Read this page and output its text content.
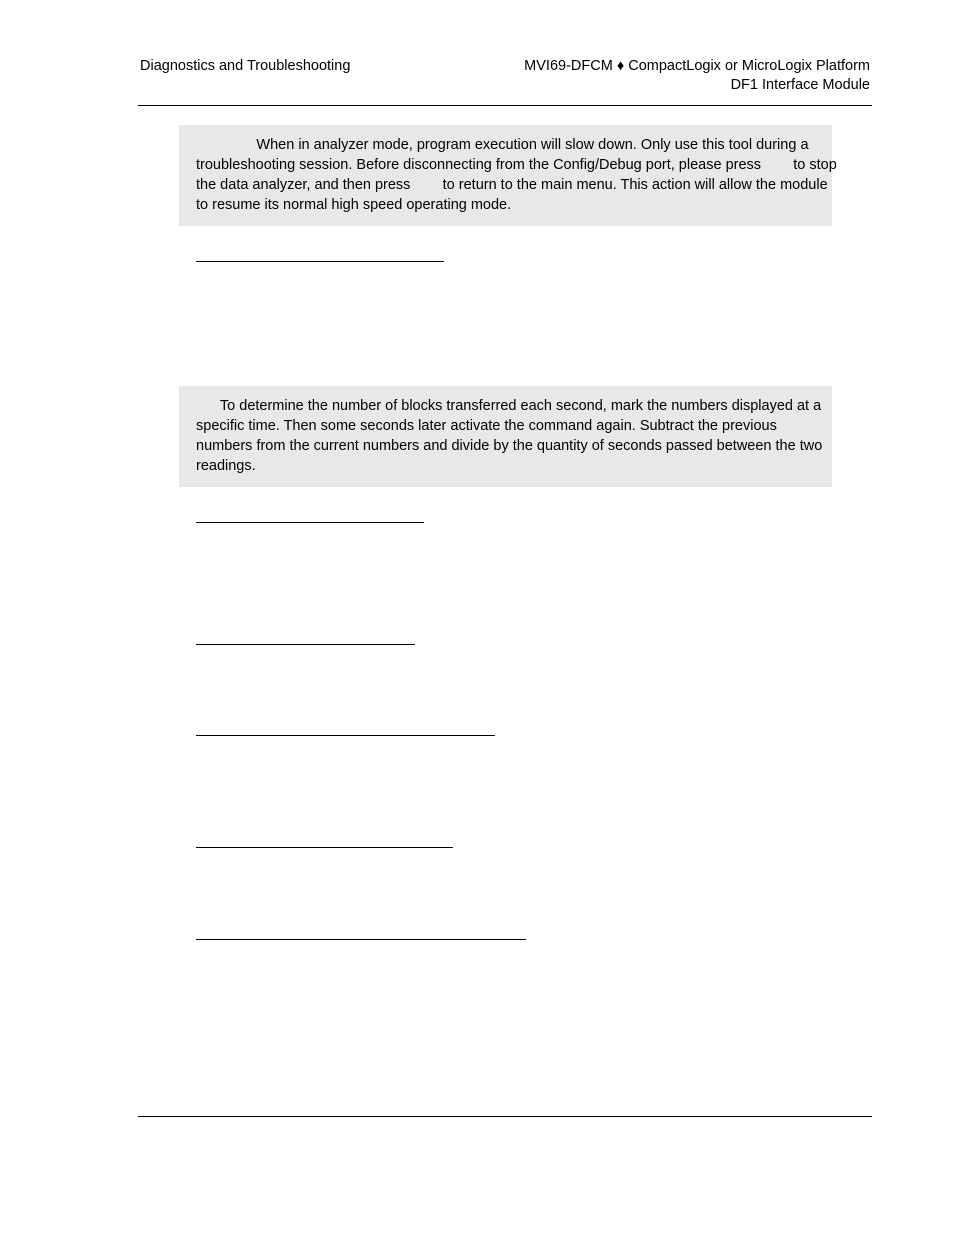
Diagnostics and Troubleshooting	MVI69-DFCM ♦ CompactLogix or MicroLogix Platform
DF1 Interface Module
When in analyzer mode, program execution will slow down. Only use this tool during a
troubleshooting session. Before disconnecting from the Config/Debug port, please press        to stop
the data analyzer, and then press        to return to the main menu. This action will allow the module
to resume its normal high speed operating mode.
To determine the number of blocks transferred each second, mark the numbers displayed at a
specific time. Then some seconds later activate the command again. Subtract the previous
numbers from the current numbers and divide by the quantity of seconds passed between the two
readings.
